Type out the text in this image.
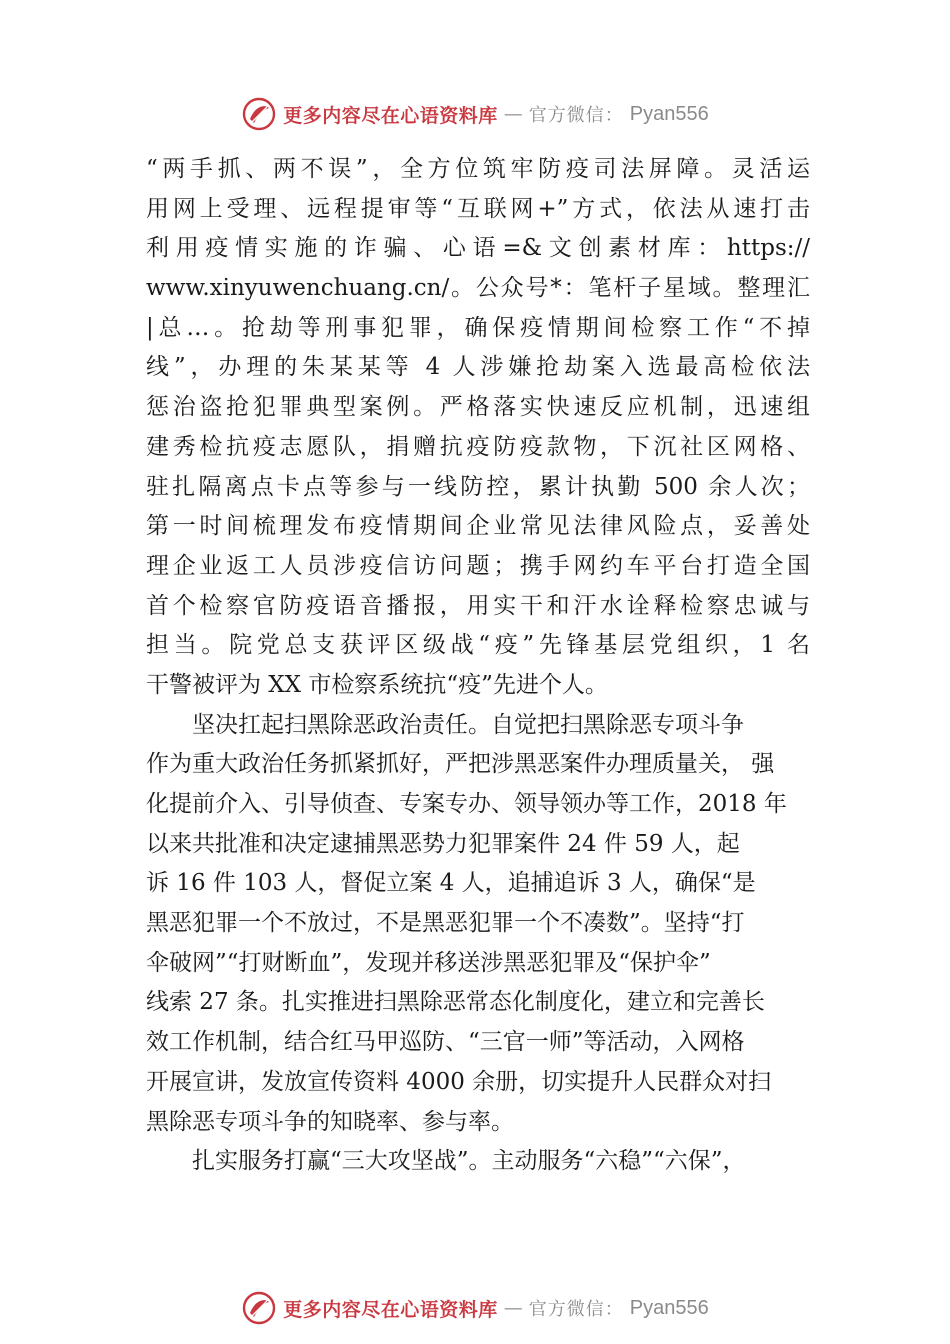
更多内容尽在心语资料库 — 官方微信： Pyan556
“两手抓、两不误”，全方位筑牢防疫司法屏障。灵活运
用网上受理、远程提审等“互联网+”方式，依法从速打击
利用疫情实施的诈骗、心语=&文创素材库：https://
www.xinyuwenchuang.cn/。公众号*：笔杆子星域。整理汇
|总…。抢劫等刑事犯罪，确保疫情期间检察工作“不掉
线”，办理的朱某某等 4 人涉嫌抢劫案入选最高检依法
惩治盗抢犯罪典型案例。严格落实快速反应机制，迅速组
建秀检抗疫志愿队，捐赠抗疫防疫款物，下沉社区网格、
驻扎隔离点卡点等参与一线防控，累计执勤 500 余人次；
第一时间梳理发布疫情期间企业常见法律风险点，妥善处
理企业返工人员涉疫信访问题；携手网约车平台打造全国
首个检察官防疫语音播报，用实干和汗水诠释检察忠诚与
担当。院党总支获评区级战“疫”先锋基层党组织，1 名
干警被评为 XX 市检察系统抗“疫”先进个人。
坚决扛起扫黑除恶政治责任。自觉把扫黑除恶专项斗争
作为重大政治任务抓紧抓好，严把涉黑恶案件办理质量关， 强
化提前介入、引导侦查、专案专办、领导领办等工作，2018 年
以来共批准和决定逮捕黑恶势力犯罪案件 24 件 59 人，起
诉 16 件 103 人，督促立案 4 人，追捕追诉 3 人，确保“是
黑恶犯罪一个不放过，不是黑恶犯罪一个不凑数”。坚持“打
伞破网”“打财断血”，发现并移送涉黑恶犯罪及“保护伞”
线索 27 条。扎实推进扫黑除恶常态化制度化，建立和完善长
效工作机制，结合红马甲巡防、“三官一师”等活动，入网格
开展宣讲，发放宣传资料 4000 余册，切实提升人民群众对扫
黑除恶专项斗争的知晓率、参与率。
扎实服务打赢“三大攻坚战”。主动服务“六稳”“六保”，
更多内容尽在心语资料库 — 官方微信： Pyan556
